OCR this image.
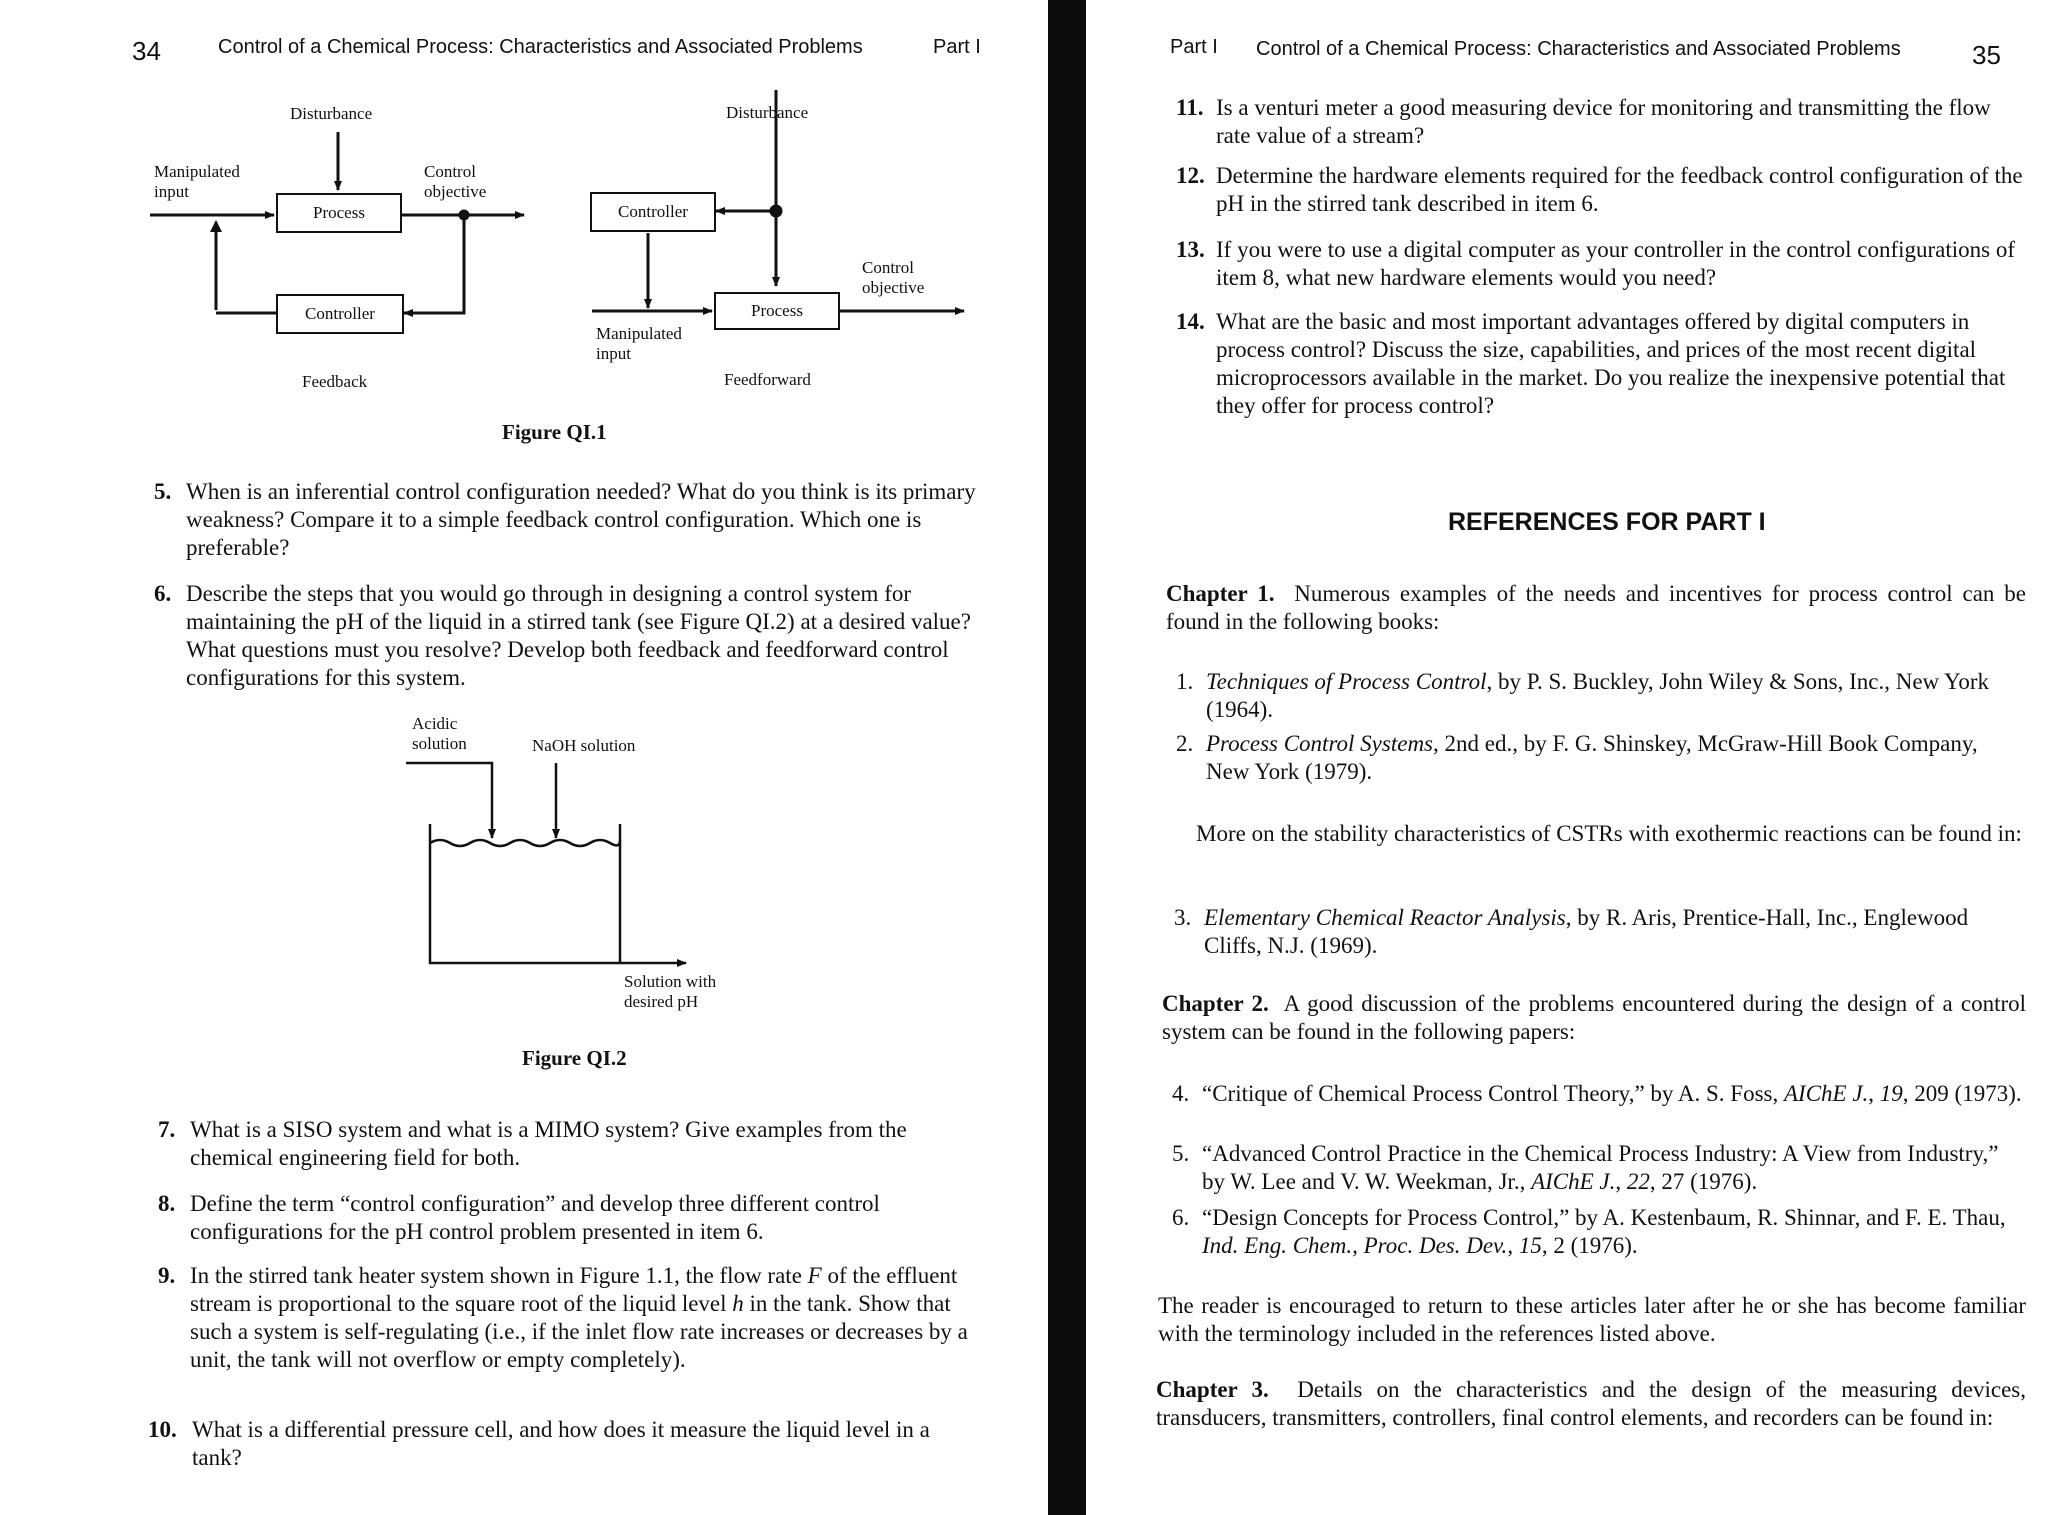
34	Control of a Chemical Process: Characteristics and Associated Problems	Part I
Disturbance
Manipulated
input
Control
objective
Process
Controller
Feedback
Disturbance
Controller
Process
Control
objective
Manipulated
input
Feedforward
Figure QI.1
5. When is an inferential control configuration needed? What do you think is its primary weakness? Compare it to a simple feedback control configuration. Which one is preferable?
6. Describe the steps that you would go through in designing a control system for maintaining the pH of the liquid in a stirred tank (see Figure QI.2) at a desired value? What questions must you resolve? Develop both feedback and feedforward control configurations for this system.
Acidic
solution	NaOH solution
Solution with
desired pH
Figure QI.2
7. What is a SISO system and what is a MIMO system? Give examples from the chemical engineering field for both.
8. Define the term “control configuration” and develop three different control configurations for the pH control problem presented in item 6.
9. In the stirred tank heater system shown in Figure 1.1, the flow rate F of the effluent stream is proportional to the square root of the liquid level h in the tank. Show that such a system is self-regulating (i.e., if the inlet flow rate increases or decreases by a unit, the tank will not overflow or empty completely).
10. What is a differential pressure cell, and how does it measure the liquid level in a tank?
Part I Control of a Chemical Process: Characteristics and Associated Problems	35
11. Is a venturi meter a good measuring device for monitoring and transmitting the flow rate value of a stream?
12. Determine the hardware elements required for the feedback control configuration of the pH in the stirred tank described in item 6.
13. If you were to use a digital computer as your controller in the control configurations of item 8, what new hardware elements would you need?
14. What are the basic and most important advantages offered by digital computers in process control? Discuss the size, capabilities, and prices of the most recent digital microprocessors available in the market. Do you realize the inexpensive potential that they offer for process control?
REFERENCES FOR PART I
Chapter 1. Numerous examples of the needs and incentives for process control can be found in the following books:
1. Techniques of Process Control, by P. S. Buckley, John Wiley & Sons, Inc., New York (1964).
2. Process Control Systems, 2nd ed., by F. G. Shinskey, McGraw-Hill Book Company, New York (1979).
More on the stability characteristics of CSTRs with exothermic reactions can be found in:
3. Elementary Chemical Reactor Analysis, by R. Aris, Prentice-Hall, Inc., Englewood Cliffs, N.J. (1969).
Chapter 2. A good discussion of the problems encountered during the design of a control system can be found in the following papers:
4. “Critique of Chemical Process Control Theory,” by A. S. Foss, AIChE J., 19, 209 (1973).
5. “Advanced Control Practice in the Chemical Process Industry: A View from Industry,” by W. Lee and V. W. Weekman, Jr., AIChE J., 22, 27 (1976).
6. “Design Concepts for Process Control,” by A. Kestenbaum, R. Shinnar, and F. E. Thau, Ind. Eng. Chem., Proc. Des. Dev., 15, 2 (1976).
The reader is encouraged to return to these articles later after he or she has become familiar with the terminology included in the references listed above.
Chapter 3. Details on the characteristics and the design of the measuring devices, transducers, transmitters, controllers, final control elements, and recorders can be found in:
